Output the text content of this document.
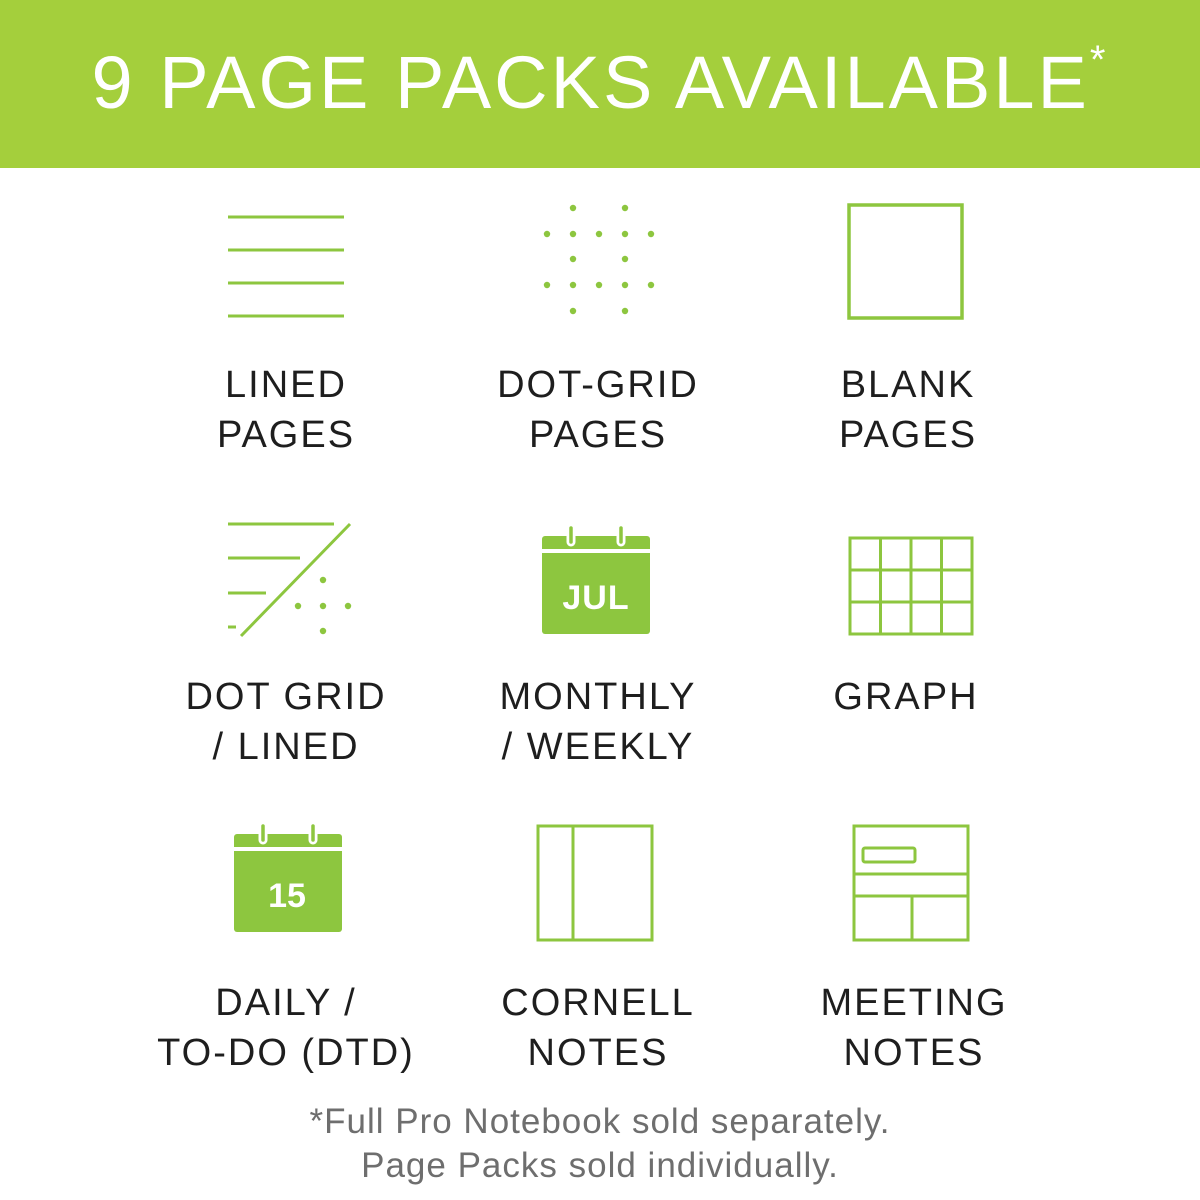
9 PAGE PACKS AVAILABLE*
LINED
PAGES
DOT-GRID
PAGES
BLANK
PAGES
JUL
DOT GRID
/ LINED
MONTHLY
/ WEEKLY
GRAPH
15
DAILY /
TO-DO (DTD)
CORNELL
NOTES
MEETING
NOTES
*Full Pro Notebook sold separately.
Page Packs sold individually.
